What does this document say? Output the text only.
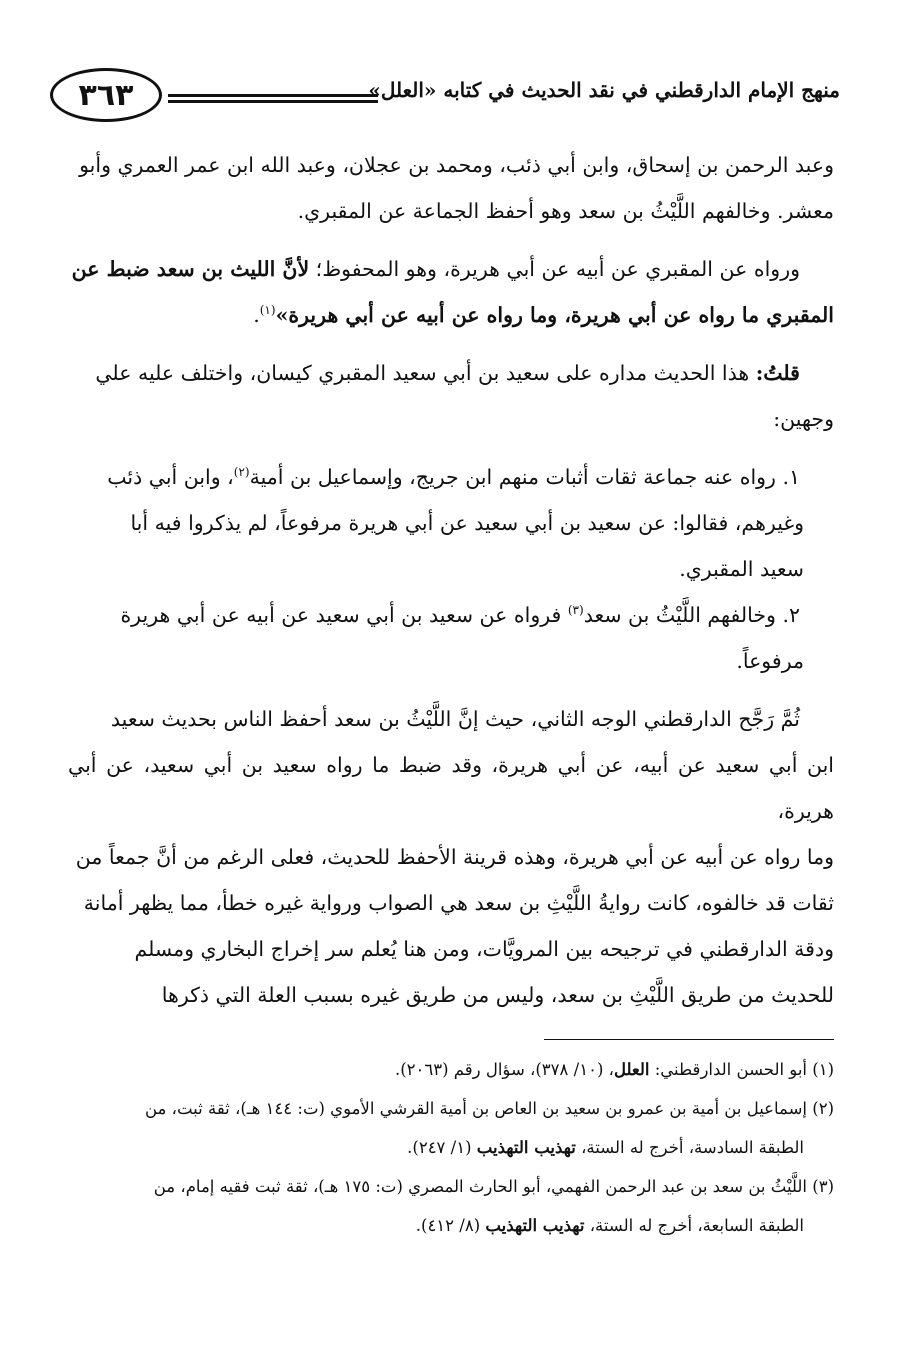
٣٦٣	منهج الإمام الدارقطني في نقد الحديث في كتابه «العلل»

وعبد الرحمن بن إسحاق، وابن أبي ذئب، ومحمد بن عجلان، وعبد الله ابن عمر العمري وأبو
معشر. وخالفهم اللَّيْثُ بن سعد وهو أحفظ الجماعة عن المقبري.

ورواه عن المقبري عن أبيه عن أبي هريرة، وهو المحفوظ؛ لأنَّ الليث بن سعد ضبط عن
المقبري ما رواه عن أبي هريرة، وما رواه عن أبيه عن أبي هريرة»$^{(١)}$.

قلتُ: هذا الحديث مداره على سعيد بن أبي سعيد المقبري كيسان، واختلف عليه علي
وجهين:

١. رواه عنه جماعة ثقات أثبات منهم ابن جريج، وإسماعيل بن أمية$^{(٢)}$، وابن أبي ذئب

وغيرهم، فقالوا: عن سعيد بن أبي سعيد عن أبي هريرة مرفوعاً، لم يذكروا فيه أبا
سعيد المقبري.

٢. وخالفهم اللَّيْثُ بن سعد$^{(٣)}$ فرواه عن سعيد بن أبي سعيد عن أبيه عن أبي هريرة

مرفوعاً.

ثُمَّ رَجَّح الدارقطني الوجه الثاني، حيث إنَّ اللَّيْثُ بن سعد أحفظ الناس بحديث سعيد
ابن أبي سعيد عن أبيه، عن أبي هريرة، وقد ضبط ما رواه سعيد بن أبي سعيد، عن أبي هريرة،
وما رواه عن أبيه عن أبي هريرة، وهذه قرينة الأحفظ للحديث، فعلى الرغم من أنَّ جمعاً من
ثقات قد خالفوه، كانت روايةُ اللَّيْثِ بن سعد هي الصواب ورواية غيره خطأ، مما يظهر أمانة
ودقة الدارقطني في ترجيحه بين المرويَّات، ومن هنا يُعلم سر إخراج البخاري ومسلم
للحديث من طريق اللَّيْثِ بن سعد، وليس من طريق غيره بسبب العلة التي ذكرها

(١) أبو الحسن الدارقطني: العلل، (١٠/ ٣٧٨)، سؤال رقم (٢٠٦٣).

(٢) إسماعيل بن أمية بن عمرو بن سعيد بن العاص بن أمية القرشي الأموي (ت: ١٤٤ هـ)، ثقة ثبت، من

الطبقة السادسة، أخرج له الستة، تهذيب التهذيب (١/ ٢٤٧).

(٣) اللَّيْثُ بن سعد بن عبد الرحمن الفهمي، أبو الحارث المصري (ت: ١٧٥ هـ)، ثقة ثبت فقيه إمام، من

الطبقة السابعة، أخرج له الستة، تهذيب التهذيب (٨/ ٤١٢).
